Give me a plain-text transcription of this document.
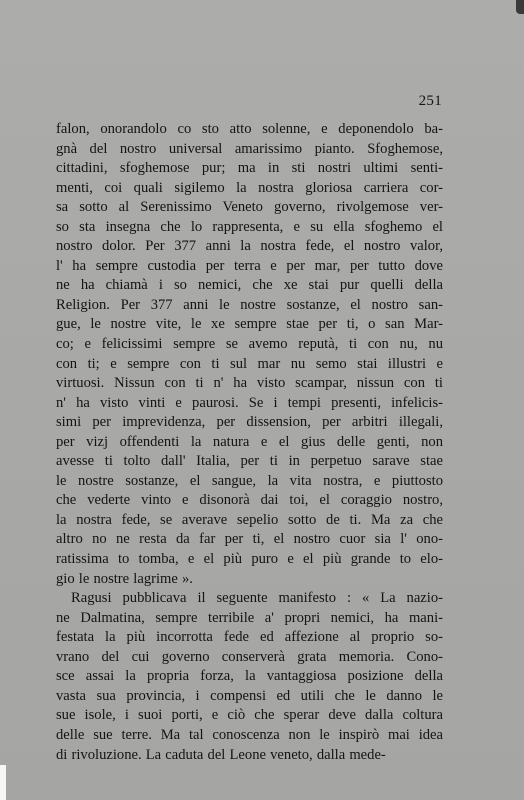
251

falon, onorandolo co sto atto solenne, e deponendolo ba-

gnà del nostro universal amarissimo pianto. Sfoghemose,

cittadini, sfoghemose pur; ma in sti nostri ultimi senti-

menti, coi quali sigilemo la nostra gloriosa carriera cor-

sa sotto al Serenissimo Veneto governo, rivolgemose ver-

so sta insegna che lo rappresenta, e su ella sfoghemo el

nostro dolor. Per 377 anni la nostra fede, el nostro valor,

l' ha sempre custodia per terra e per mar, per tutto dove

ne ha chiamà i so nemici, che xe stai pur quelli della

Religion. Per 377 anni le nostre sostanze, el nostro san-

gue, le nostre vite, le xe sempre stae per ti, o san Mar-

co; e felicissimi sempre se avemo reputà, ti con nu, nu

con ti; e sempre con ti sul mar nu semo stai illustri e

virtuosi. Nissun con ti n' ha visto scampar, nissun con ti

n' ha visto vinti e paurosi. Se i tempi presenti, infelicis-

simi per imprevidenza, per dissension, per arbitri illegali,

per vizj offendenti la natura e el gius delle genti, non

avesse ti tolto dall' Italia, per ti in perpetuo sarave stae

le nostre sostanze, el sangue, la vita nostra, e piuttosto

che vederte vinto e disonorà dai toi, el coraggio nostro,

la nostra fede, se averave sepelio sotto de ti. Ma za che

altro no ne resta da far per ti, el nostro cuor sia l' ono-

ratissima to tomba, e el più puro e el più grande to elo-

gio le nostre lagrime ».

Ragusi pubblicava il seguente manifesto : « La nazio-

ne Dalmatina, sempre terribile a' propri nemici, ha mani-

festata la più incorrotta fede ed affezione al proprio so-

vrano del cui governo conserverà grata memoria. Cono-

sce assai la propria forza, la vantaggiosa posizione della

vasta sua provincia, i compensi ed utili che le danno le

sue isole, i suoi porti, e ciò che sperar deve dalla coltura

delle sue terre. Ma tal conoscenza non le inspirò mai idea

di rivoluzione. La caduta del Leone veneto, dalla mede-
